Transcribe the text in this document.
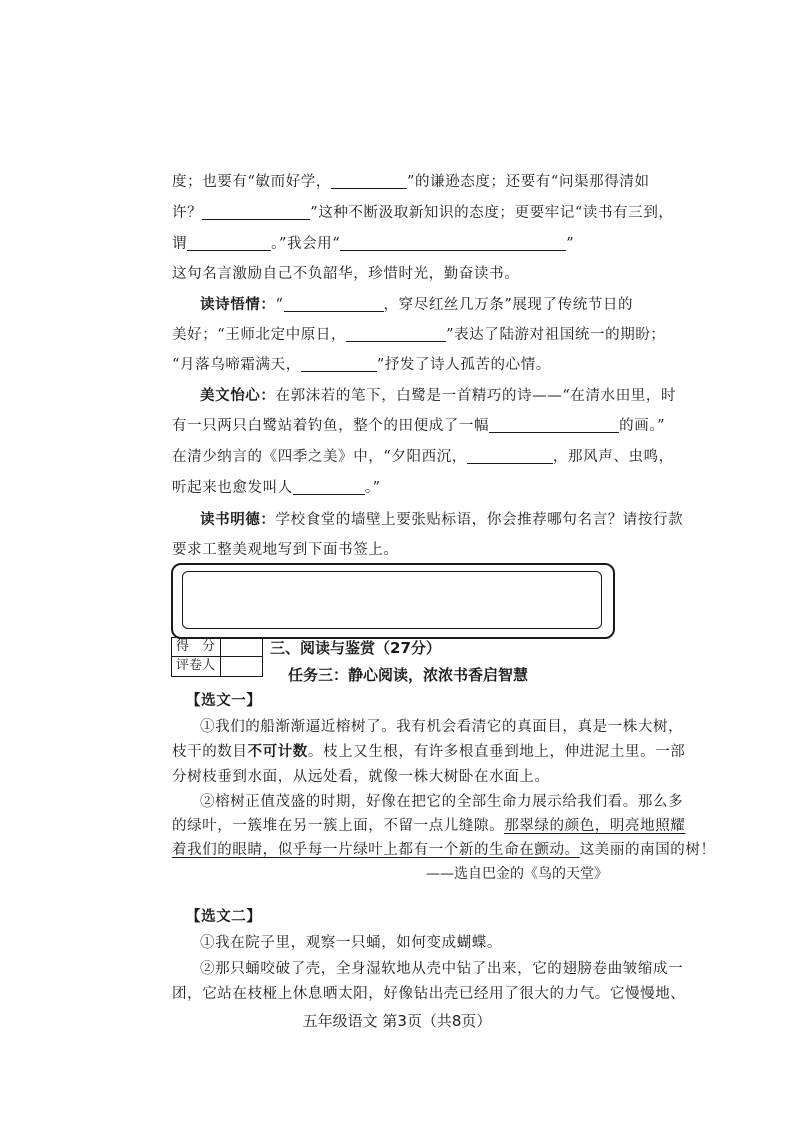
度；也要有“敏而好学，	”的谦逊态度；还要有“问渠那得清如
许？	”这种不断汲取新知识的态度；更要牢记“读书有三到，
谓	。”我会用“	”
这句名言激励自己不负韶华，珍惜时光，勤奋读书。
读诗悟情：“	，穿尽红丝几万条”展现了传统节日的
美好；“王师北定中原日，	”表达了陆游对祖国统一的期盼；
“月落乌啼霜满天，	”抒发了诗人孤苦的心情。
美文怡心：在郭沫若的笔下，白鹭是一首精巧的诗——“在清水田里，时
有一只两只白鹭站着钓鱼，整个的田便成了一幅	的画。”
在清少纳言的《四季之美》中，“夕阳西沉，	，那风声、虫鸣，
听起来也愈发叫人	。”
读书明德：学校食堂的墙壁上要张贴标语，你会推荐哪句名言？请按行款
要求工整美观地写到下面书签上。
得　分
评卷人
三、阅读与鉴赏（27分）
任务三：静心阅读，浓浓书香启智慧
【选文一】
①我们的船渐渐逼近榕树了。我有机会看清它的真面目，真是一株大树，
枝干的数目不可计数。枝上又生根，有许多根直垂到地上，伸进泥土里。一部
分树枝垂到水面，从远处看，就像一株大树卧在水面上。
②榕树正值茂盛的时期，好像在把它的全部生命力展示给我们看。那么多
的绿叶，一簇堆在另一簇上面，不留一点儿缝隙。那翠绿的颜色，明亮地照耀
着我们的眼睛，似乎每一片绿叶上都有一个新的生命在颤动。这美丽的南国的树！
——选自巴金的《鸟的天堂》
【选文二】
①我在院子里，观察一只蛹，如何变成蝴蝶。
②那只蛹咬破了壳，全身湿软地从壳中钻了出来，它的翅膀卷曲皱缩成一
团，它站在枝桠上休息晒太阳，好像钻出壳已经用了很大的力气。它慢慢地、
五年级语文 第3页（共8页）
